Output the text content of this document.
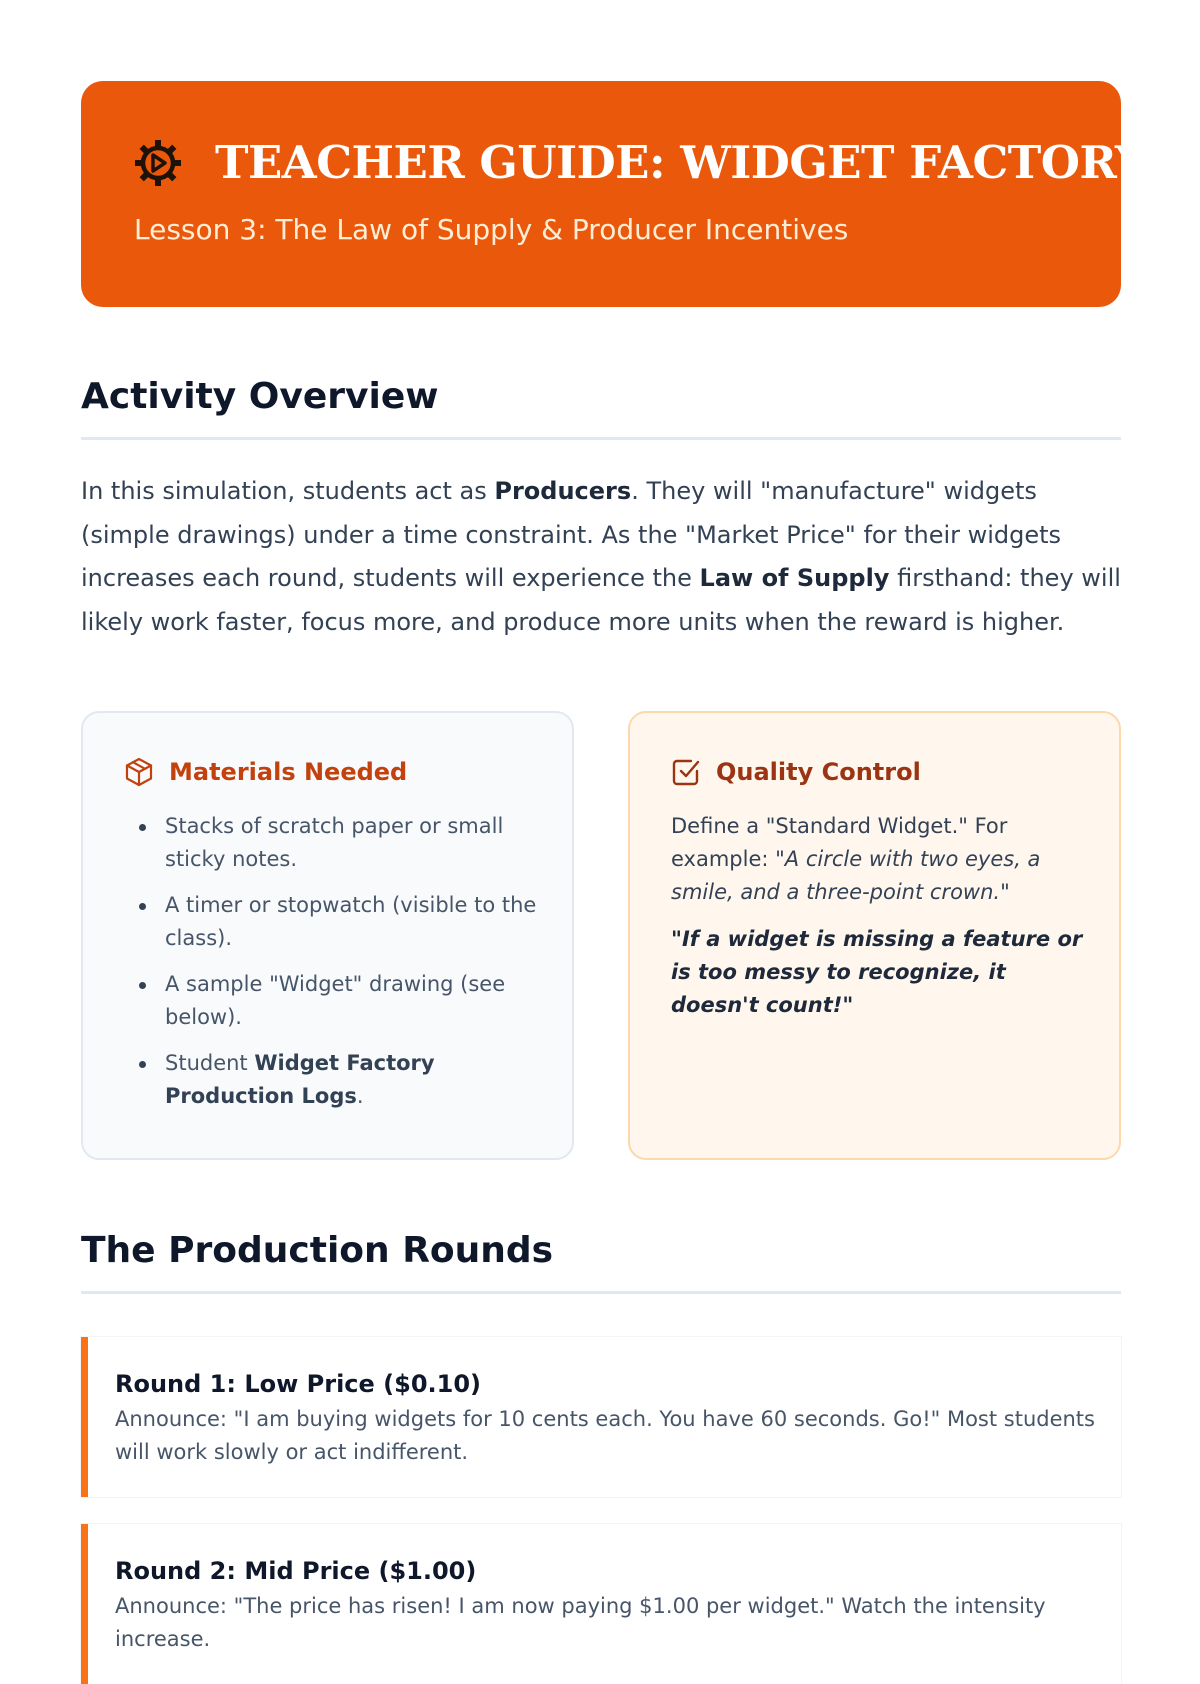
TEACHER GUIDE: WIDGET FACTORY
Lesson 3: The Law of Supply & Producer Incentives
Activity Overview

In this simulation, students act as Producers. They will "manufacture" widgets (simple drawings) under a time constraint. As the "Market Price" for their widgets increases each round, students will experience the Law of Supply firsthand: they will likely work faster, focus more, and produce more units when the reward is higher.

Materials Needed
Stacks of scratch paper or small sticky notes.
A timer or stopwatch (visible to the class).
A sample "Widget" drawing (see below).
Student Widget Factory Production Logs.
Quality Control

Define a "Standard Widget." For example: "A circle with two eyes, a smile, and a three-point crown."

"If a widget is missing a feature or is too messy to recognize, it doesn't count!"

The Production Rounds
Round 1: Low Price ($0.10)
Announce: "I am buying widgets for 10 cents each. You have 60 seconds. Go!" Most students will work slowly or act indifferent.
Round 2: Mid Price ($1.00)
Announce: "The price has risen! I am now paying $1.00 per widget." Watch the intensity increase.
